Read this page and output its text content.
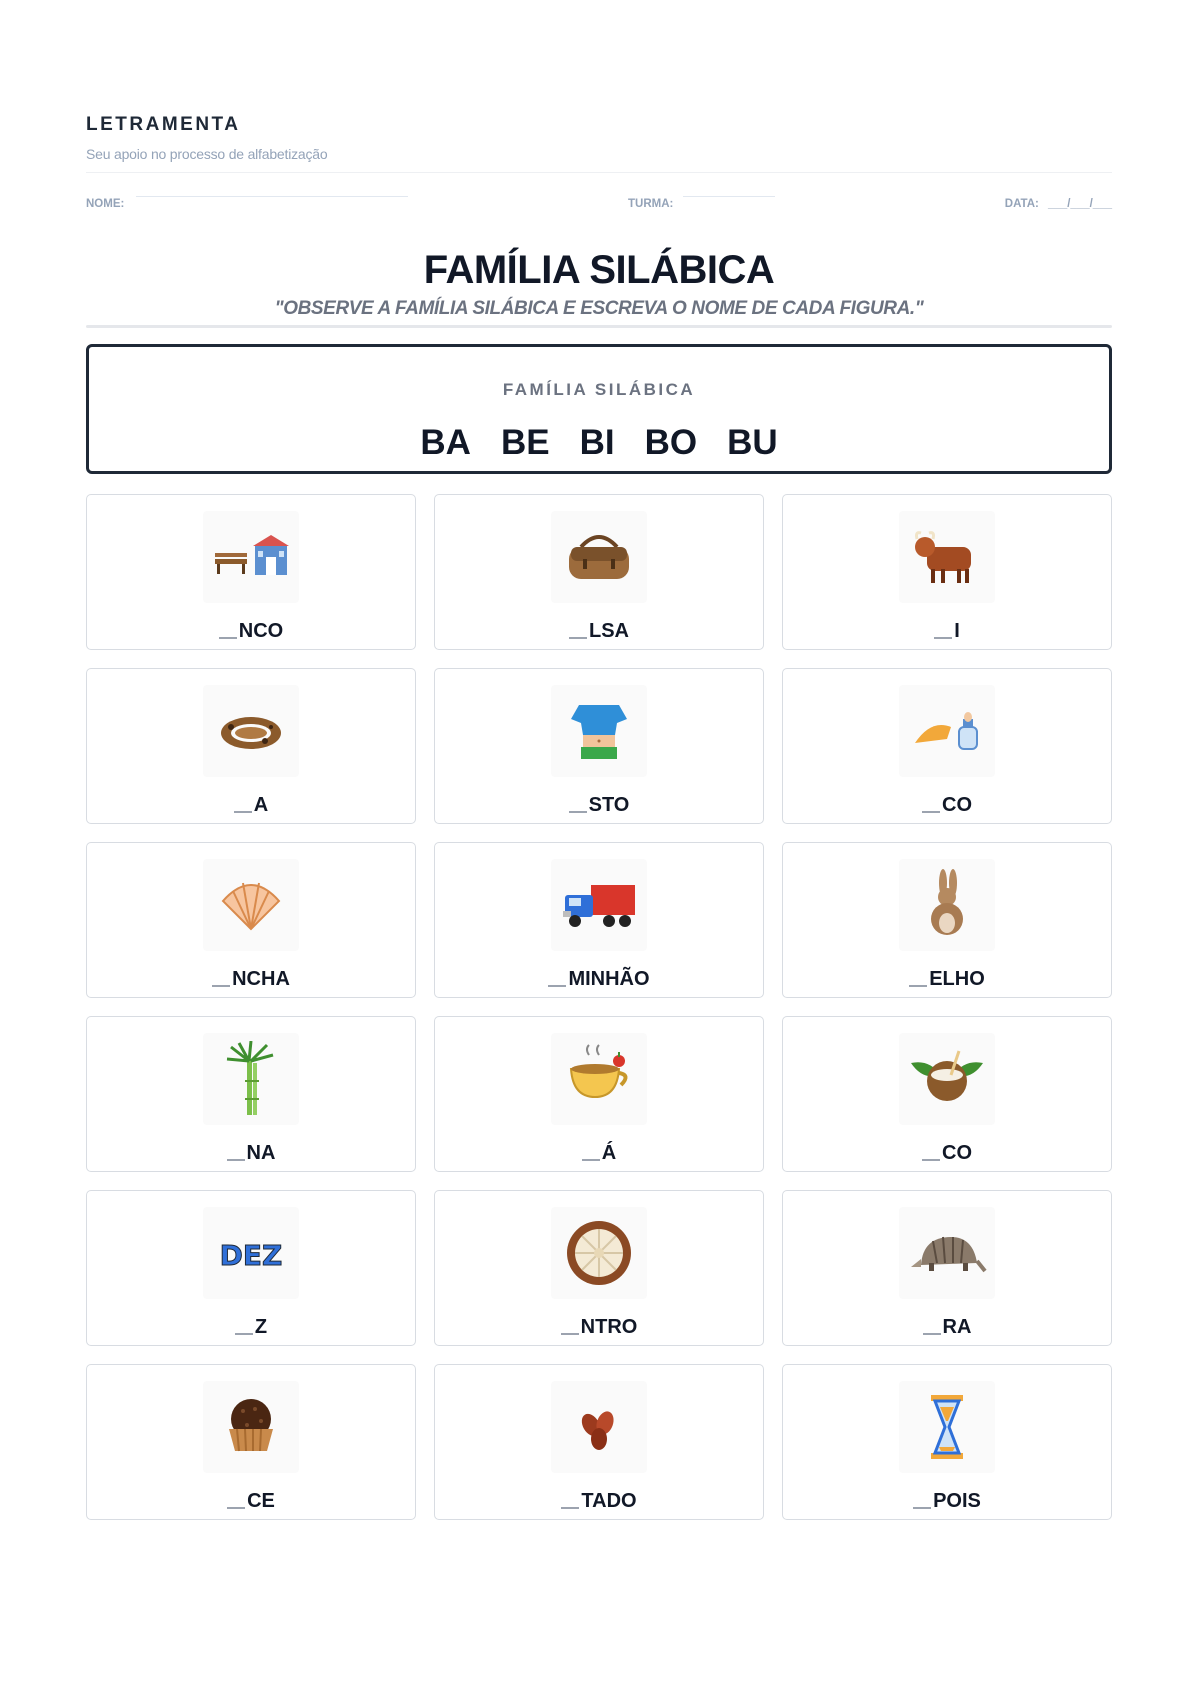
LETRAMENTA
Seu apoio no processo de alfabetização
NOME:	TURMA:	DATA: ___/___/___
FAMÍLIA SILÁBICA
"OBSERVE A FAMÍLIA SILÁBICA E ESCREVA O NOME DE CADA FIGURA."
FAMÍLIA SILÁBICA
BA BE BI BO BU
NCO	LSA	I
A	STO	CO
NCHA	MINHÃO	ELHO
NA	Á	CO
DEZ
Z	NTRO	RA
CE	TADO	POIS
